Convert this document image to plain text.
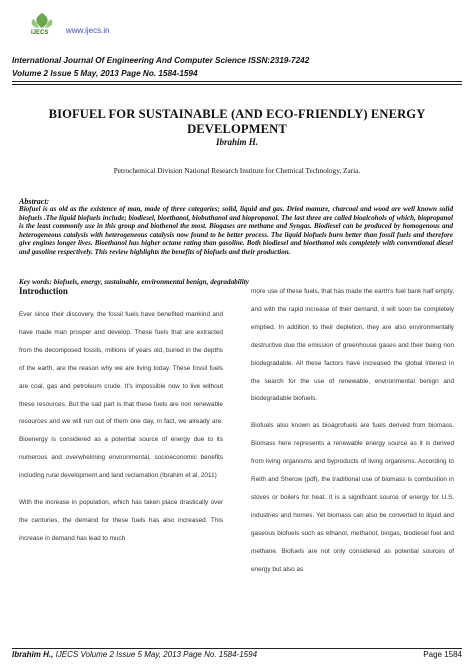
IJECS www.ijecs.in
International Journal Of Engineering And Computer Science ISSN:2319-7242
Volume 2 Issue 5 May, 2013 Page No. 1584-1594
BIOFUEL FOR SUSTAINABLE (AND ECO-FRIENDLY) ENERGY
DEVELOPMENT
Ibrahim H.
Petrochemical Division National Research Institute for Chemical Technology, Zaria.
Abstract:
Biofuel is as old as the existence of man, made of three categories; solid, liquid and gas. Dried manure, charcoal and wood are well known solid biofuels .The liquid biofuels include; biodiesel, bioethanol, biobuthanol and biopropanol. The last three are called bioalcohols of which, biopropanol is the least commonly use in this group and biothenol the most. Biogases are methane and Syngas. Biodiesel can be produced by homogenous and heterogeneous catalysis with heterogeneous catalysis now found to be better process. The liquid biofuels burn better than fossil fuels and therefore give engines longer lives. Bioethanol has higher octane rating than gasoline. Both biodiesel and bioethanol mix completely with conventional diesel and gasoline respectively. This review highlights the benefits of biofuels and their production.
Key words: biofuels, energy, sustainable, environmental benign, degradability
Introduction

Ever since their discovery, the fossil fuels have benefited mankind and have made man prosper and develop. These fuels that are extracted from the decomposed fossils, millions of years old, buried in the depths of the earth, are the reason why we are living today. These fossil fuels are coal, gas and petroleum crude. It’s impossible now to live without these resources. But the sad part is that these fuels are non renewable resources and we will run out of them one day, in fact, we already are. Bioenergy is considered as a potential source of energy due to its numerous and overwhelming environmental, socioeconomic benefits including rural development and land reclamation (Ibrahim et al, 2011)

With the increase in population, which has taken place drastically over the centuries, the demand for these fuels has also increased. This increase in demand has lead to much

more use of these fuels, that has made the earth’s fuel bank half empty, and with the rapid increase of their demand, it will soon be completely emptied. In addition to their depletion, they are also environmentally destructive due the emission of greenhouse gases and their being non biodegradable. All these factors have increased the global interest in the search for the use of renewable, environmental benign and biodegradable biofuels.

Biofuels also known as bioagrofuels are fuels derived from biomass. Biomass here represents a renewable energy source as it is derived from living organisms and byproducts of living organisms. According to Reith and Sherow (pdf), the traditional use of biomass is combustion in stoves or boilers for heat. It is a significant source of energy for U.S. industries and homes. Yet biomass can also be converted to liquid and gaseous biofuels such as ethanol, methanol, biogas, biodiesel fuel and methane. Biofuels are not only considered as potential sources of energy but also as

Ibrahim H., IJECS Volume 2 Issue 5 May, 2013 Page No. 1584-1594	Page 1584
